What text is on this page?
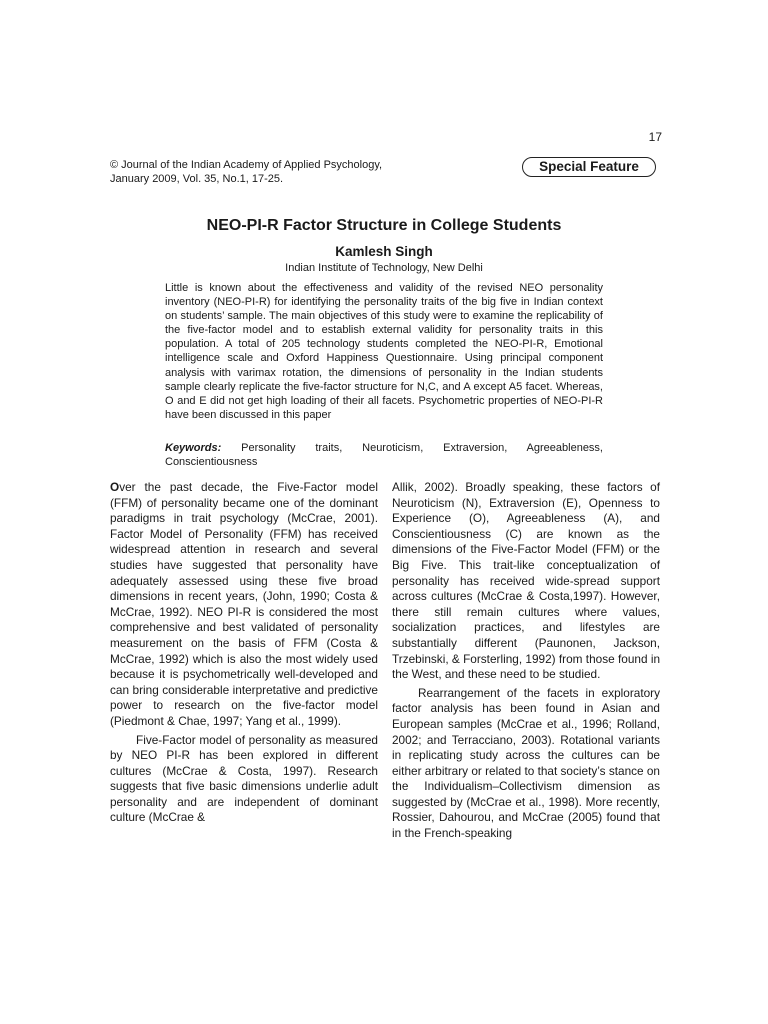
17
© Journal of the Indian Academy of Applied Psychology,
January 2009, Vol. 35, No.1, 17-25.
Special Feature
NEO-PI-R Factor Structure in College Students
Kamlesh Singh
Indian Institute of Technology, New Delhi
Little is known about the effectiveness and validity of the revised NEO personality inventory (NEO-PI-R) for identifying the personality traits of the big five in Indian context on students’ sample. The main objectives of this study were to examine the replicability of the five-factor model and to establish external validity for personality traits in this population. A total of 205 technology students completed the NEO-PI-R, Emotional intelligence scale and Oxford Happiness Questionnaire. Using principal component analysis with varimax rotation, the dimensions of personality in the Indian students sample clearly replicate the five-factor structure for N,C, and A except A5 facet. Whereas, O and E did not get high loading of their all facets. Psychometric properties of NEO-PI-R have been discussed in this paper
Keywords: Personality traits, Neuroticism, Extraversion, Agreeableness, Conscientiousness

Over the past decade, the Five-Factor model (FFM) of personality became one of the dominant paradigms in trait psychology (McCrae, 2001). Factor Model of Personality (FFM) has received widespread attention in research and several studies have suggested that personality have adequately assessed using these five broad dimensions in recent years, (John, 1990; Costa & McCrae, 1992). NEO PI-R is considered the most comprehensive and best validated of personality measurement on the basis of FFM (Costa & McCrae, 1992) which is also the most widely used because it is psychometrically well-developed and can bring considerable interpretative and predictive power to research on the five-factor model (Piedmont & Chae, 1997; Yang et al., 1999).

Five-Factor model of personality as measured by NEO PI-R has been explored in different cultures (McCrae & Costa, 1997). Research suggests that five basic dimensions underlie adult personality and are independent of dominant culture (McCrae &

Allik, 2002). Broadly speaking, these factors of Neuroticism (N), Extraversion (E), Openness to Experience (O), Agreeableness (A), and Conscientiousness (C) are known as the dimensions of the Five-Factor Model (FFM) or the Big Five. This trait-like conceptualization of personality has received wide-spread support across cultures (McCrae & Costa,1997). However, there still remain cultures where values, socialization practices, and lifestyles are substantially different (Paunonen, Jackson, Trzebinski, & Forsterling, 1992) from those found in the West, and these need to be studied.

Rearrangement of the facets in exploratory factor analysis has been found in Asian and European samples (McCrae et al., 1996; Rolland, 2002; and Terracciano, 2003). Rotational variants in replicating study across the cultures can be either arbitrary or related to that society’s stance on the Individualism–Collectivism dimension as suggested by (McCrae et al., 1998). More recently, Rossier, Dahourou, and McCrae (2005) found that in the French-speaking
